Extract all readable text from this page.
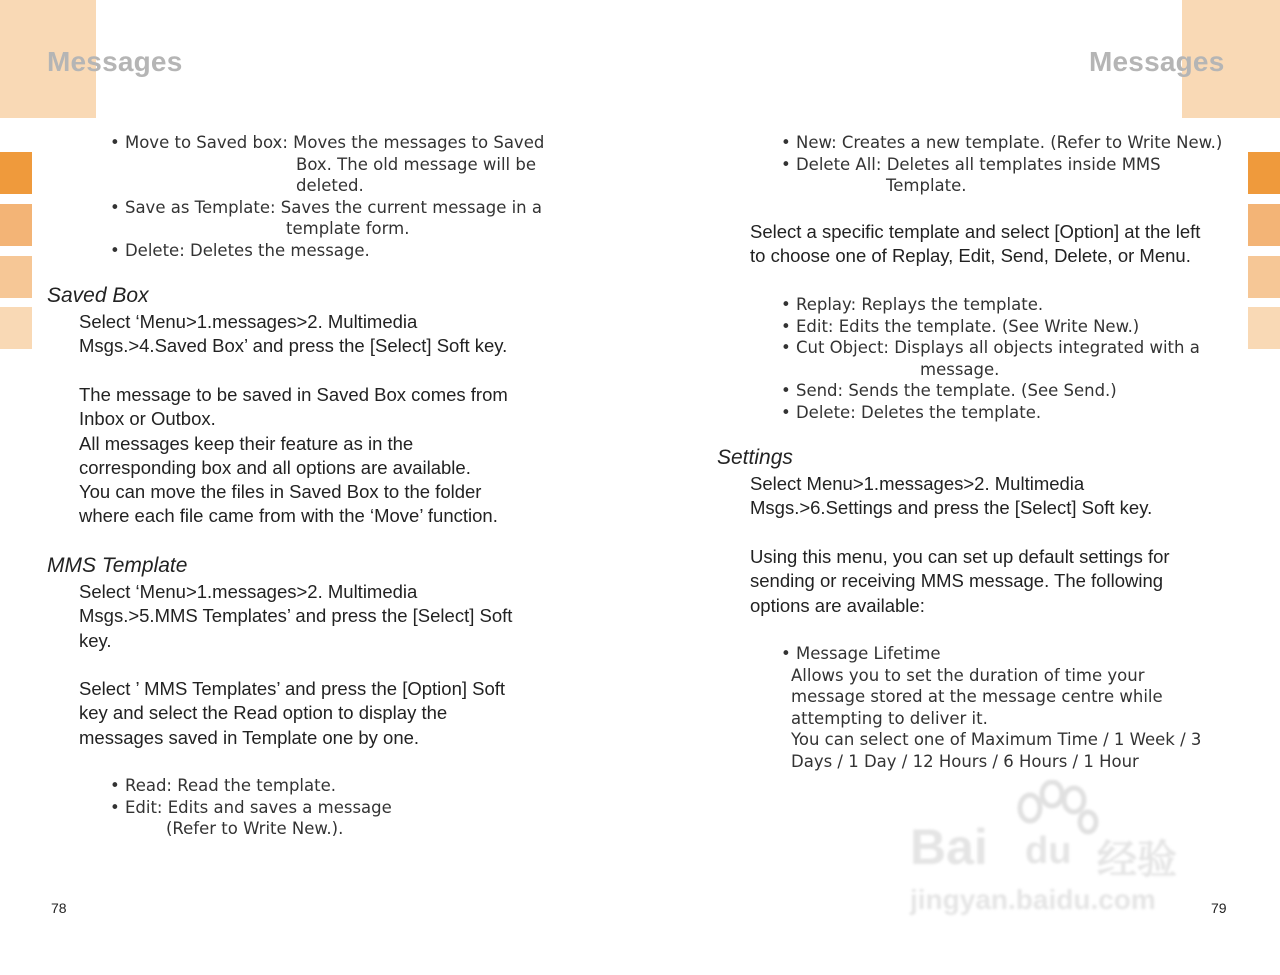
Messages
• Move to Saved box: Moves the messages to Saved
Box. The old message will be
deleted.
• Save as Template: Saves the current message in a
template form.
• Delete: Deletes the message.
Saved Box
Select ‘Menu>1.messages>2. Multimedia
Msgs.>4.Saved Box’ and press the [Select] Soft key.
The message to be saved in Saved Box comes from
Inbox or Outbox.
All messages keep their feature as in the
corresponding box and all options are available.
You can move the files in Saved Box to the folder
where each file came from with the ‘Move’ function.
MMS Template
Select ‘Menu>1.messages>2. Multimedia
Msgs.>5.MMS Templates’ and press the [Select] Soft
key.
Select ’ MMS Templates’ and press the [Option] Soft
key and select the Read option to display the
messages saved in Template one by one.
• Read: Read the template.
• Edit: Edits and saves a message
(Refer to Write New.).
78
Messages
• New: Creates a new template. (Refer to Write New.)
• Delete All: Deletes all templates inside MMS
Template.
Select a specific template and select [Option] at the left
to choose one of Replay, Edit, Send, Delete, or Menu.
• Replay: Replays the template.
• Edit: Edits the template. (See Write New.)
• Cut Object: Displays all objects integrated with a
message.
• Send: Sends the template. (See Send.)
• Delete: Deletes the template.
Settings
Select Menu>1.messages>2. Multimedia
Msgs.>6.Settings and press the [Select] Soft key.
Using this menu, you can set up default settings for
sending or receiving MMS message. The following
options are available:
• Message Lifetime
Allows you to set the duration of time your
message stored at the message centre while
attempting to deliver it.
You can select one of Maximum Time / 1 Week / 3
Days / 1 Day / 12 Hours / 6 Hours / 1 Hour
79
Bai du 经验
jingyan.baidu.com
